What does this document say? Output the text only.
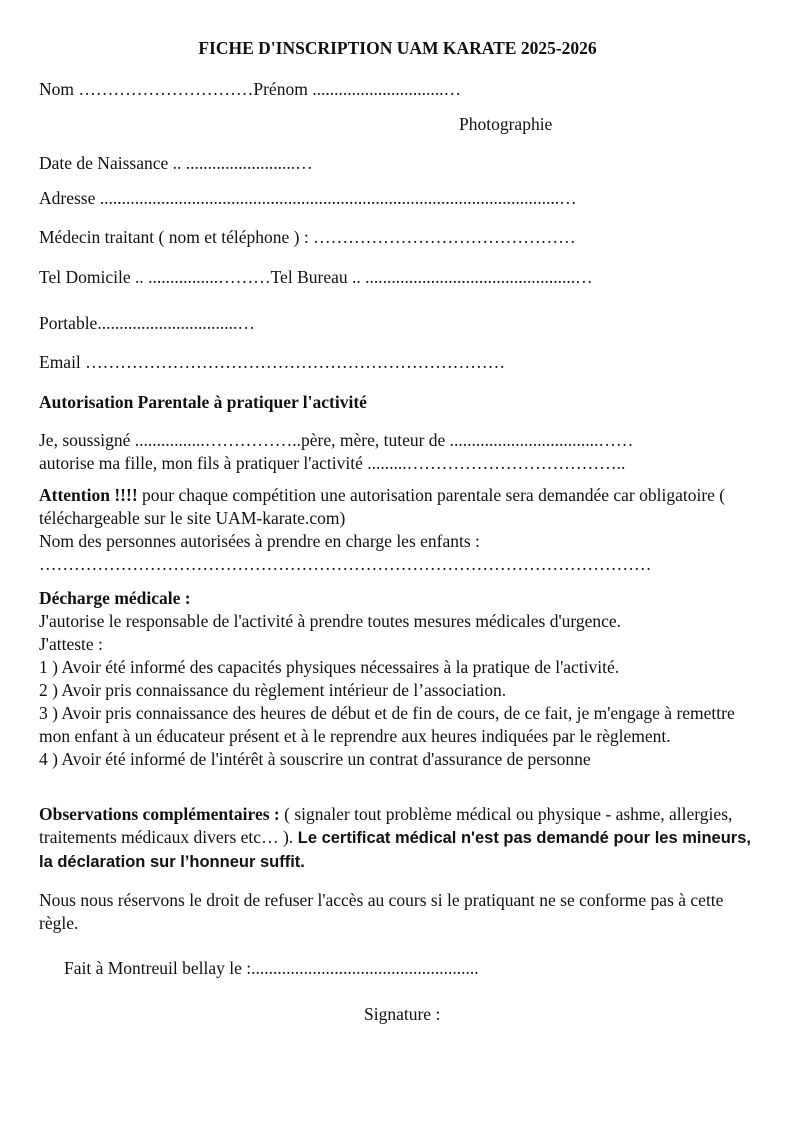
FICHE D'INSCRIPTION UAM KARATE 2025-2026
Nom …………………………Prénom ..............................…
Photographie
Date de Naissance .. .........................…
Adresse .........................................................................................................…
Médecin traitant ( nom et téléphone ) : ………………………………………
Tel Domicile .. ................………Tel Bureau .. ................................................…
Portable................................…
Email ………………………………………………………………
Autorisation Parentale à pratiquer l'activité
Je, soussigné ................……………..père, mère, tuteur de ..................................……
autorise ma fille, mon fils à pratiquer l'activité .........………………………………..

Attention !!!! pour chaque compétition une autorisation parentale sera demandée car obligatoire ( téléchargeable sur le site UAM-karate.com)

Nom des personnes autorisées à prendre en charge les enfants :

……………………………………………………………………………………………

Décharge médicale :

J'autorise le responsable de l'activité à prendre toutes mesures médicales d'urgence.

J'atteste :

1 ) Avoir été informé des capacités physiques nécessaires à la pratique de l'activité.

2 ) Avoir pris connaissance du règlement intérieur de l’association.

3 ) Avoir pris connaissance des heures de début et de fin de cours, de ce fait, je m'engage à remettre mon enfant à un éducateur présent et à le reprendre aux heures indiquées par le règlement.

4 ) Avoir été informé de l'intérêt à souscrire un contrat d'assurance de personne

Observations complémentaires : ( signaler tout problème médical ou physique - ashme, allergies, traitements médicaux divers etc… ). Le certificat médical n'est pas demandé pour les mineurs, la déclaration sur l’honneur suffit.

Nous nous réservons le droit de refuser l'accès au cours si le pratiquant ne se conforme pas à cette règle.

Fait à Montreuil bellay le :....................................................
Signature :
